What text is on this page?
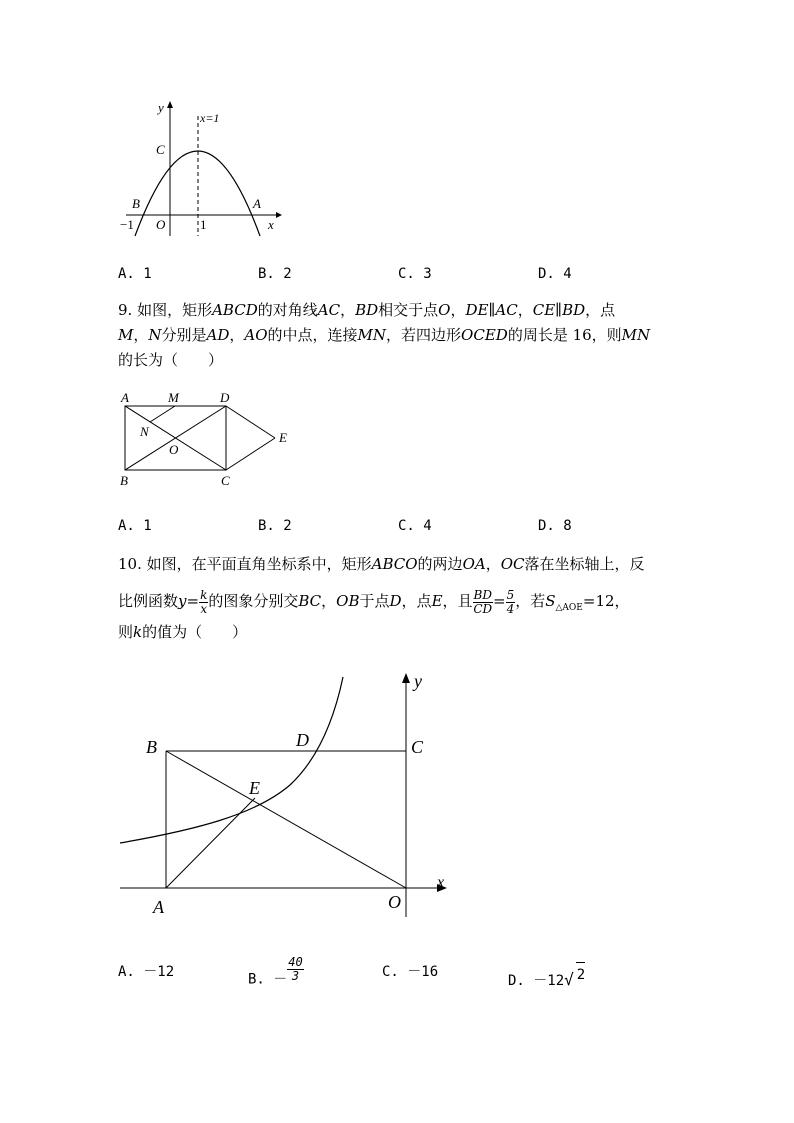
y
x
x=1
C
B	A
O
−1	1
A. 1	B. 2	C. 3	D. 4
9. 如图，矩形ABCD的对角线AC，BD相交于点O，DE∥AC，CE∥BD，点
M，N分别是AD，AO的中点，连接MN，若四边形OCED的周长是 16，则MN
的长为（　　）
A	M	D
N
O
E
B	C
A. 1	B. 2	C. 4	D. 8
10. 如图，在平面直角坐标系中，矩形ABCO的两边OA，OC落在坐标轴上，反
比例函数$y= \frac{k}{x}$ 的图象分别交BC，OB于点D，点E，且 $\frac{BD}{CD} = \frac{5}{4}$ ，若$S_{\triangle AOE}=12$，
则k的值为（　　）
y
B	D	C
E
A	O
x
A. －12	B. － $\frac{40}{3}$	C. －16
D. －12√ 2
